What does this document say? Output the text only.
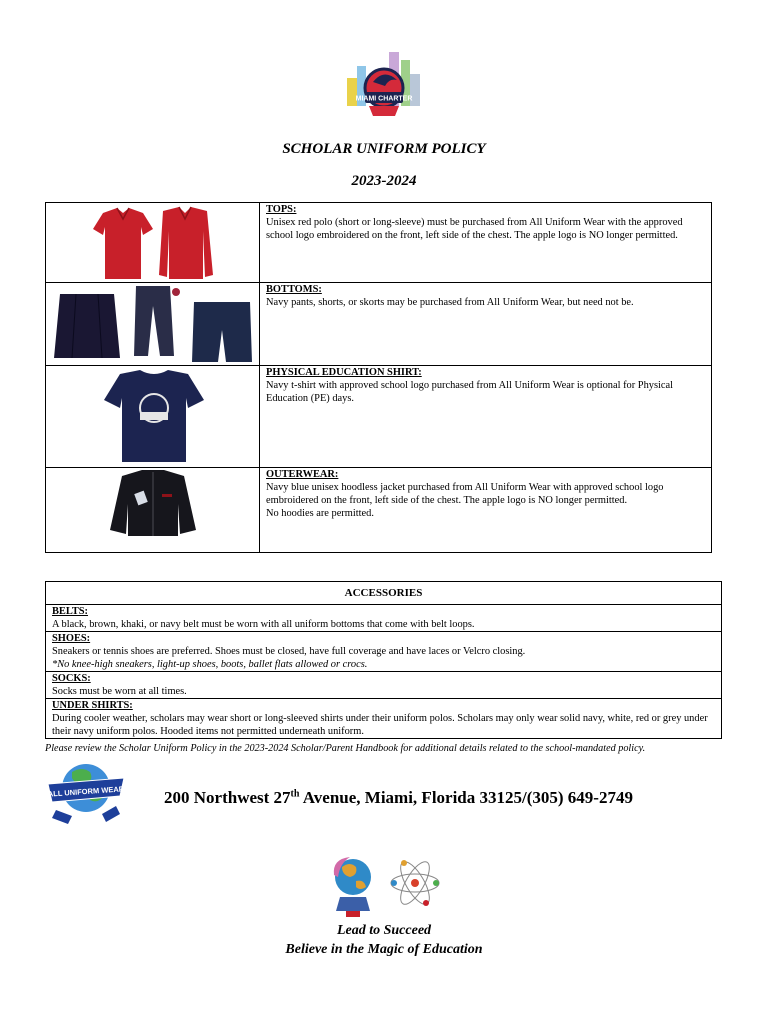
MIAMI CHARTER
SCHOLAR UNIFORM POLICY
2023-2024

TOPS:
Unisex red polo (short or long-sleeve) must be purchased from All Uniform Wear with the approved school logo embroidered on the front, left side of the chest. The apple logo is NO longer permitted.

BOTTOMS:
Navy pants, shorts, or skorts may be purchased from All Uniform Wear, but need not be.

PHYSICAL EDUCATION SHIRT:
Navy t-shirt with approved school logo purchased from All Uniform Wear is optional for Physical Education (PE) days.

OUTERWEAR:
Navy blue unisex hoodless jacket purchased from All Uniform Wear with approved school logo embroidered on the front, left side of the chest. The apple logo is NO longer permitted.
No hoodies are permitted.
ACCESSORIES

BELTS:
A black, brown, khaki, or navy belt must be worn with all uniform bottoms that come with belt loops.

SHOES:
Sneakers or tennis shoes are preferred. Shoes must be closed, have full coverage and have laces or Velcro closing.
*No knee-high sneakers, light-up shoes, boots, ballet flats allowed or crocs.

SOCKS:
Socks must be worn at all times.

UNDER SHIRTS:
During cooler weather, scholars may wear short or long-sleeved shirts under their uniform polos. Scholars may only wear solid navy, white, red or grey under their navy uniform polos. Hooded items not permitted underneath uniform.
Please review the Scholar Uniform Policy in the 2023-2024 Scholar/Parent Handbook for additional details related to the school-mandated policy.
ALL UNIFORM WEAR 200 Northwest 27th Avenue, Miami, Florida 33125/(305) 649-2749
Lead to Succeed
Believe in the Magic of Education
